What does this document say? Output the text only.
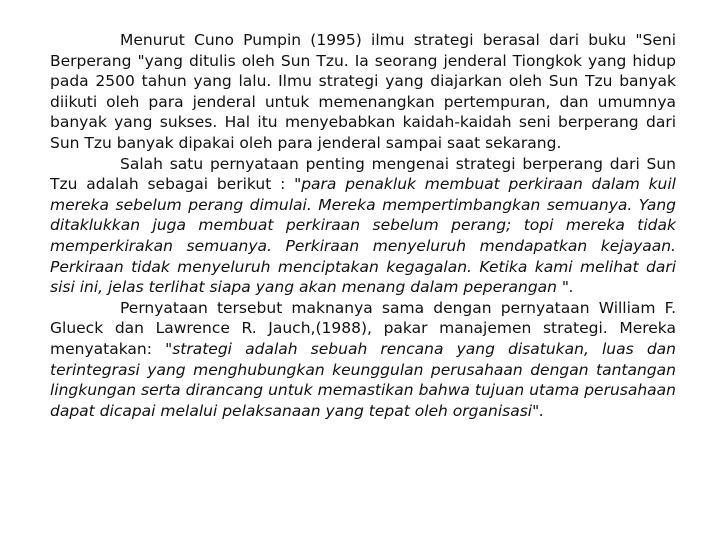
Menurut Cuno Pumpin (1995) ilmu strategi berasal dari buku "Seni Berperang "yang ditulis oleh Sun Tzu. Ia seorang jenderal Tiongkok yang hidup pada 2500 tahun yang lalu. Ilmu strategi yang diajarkan oleh Sun Tzu banyak diikuti oleh para jenderal untuk memenangkan pertempuran, dan umumnya banyak yang sukses. Hal itu menyebabkan kaidah-kaidah seni berperang dari Sun Tzu banyak dipakai oleh para jenderal sampai saat sekarang.

Salah satu pernyataan penting mengenai strategi berperang dari Sun Tzu adalah sebagai berikut : "para penakluk membuat perkiraan dalam kuil mereka sebelum perang dimulai. Mereka mempertimbangkan semuanya. Yang ditaklukkan juga membuat perkiraan sebelum perang; topi mereka tidak memperkirakan semuanya. Perkiraan menyeluruh mendapatkan kejayaan. Perkiraan tidak menyeluruh menciptakan kegagalan. Ketika kami melihat dari sisi ini, jelas terlihat siapa yang akan menang dalam peperangan ".

Pernyataan tersebut maknanya sama dengan pernyataan William F. Glueck dan Lawrence R. Jauch,(1988), pakar manajemen strategi. Mereka menyatakan: "strategi adalah sebuah rencana yang disatukan, luas dan terintegrasi yang menghubungkan keunggulan perusahaan dengan tantangan lingkungan serta dirancang untuk memastikan bahwa tujuan utama perusahaan dapat dicapai melalui pelaksanaan yang tepat oleh organisasi".
